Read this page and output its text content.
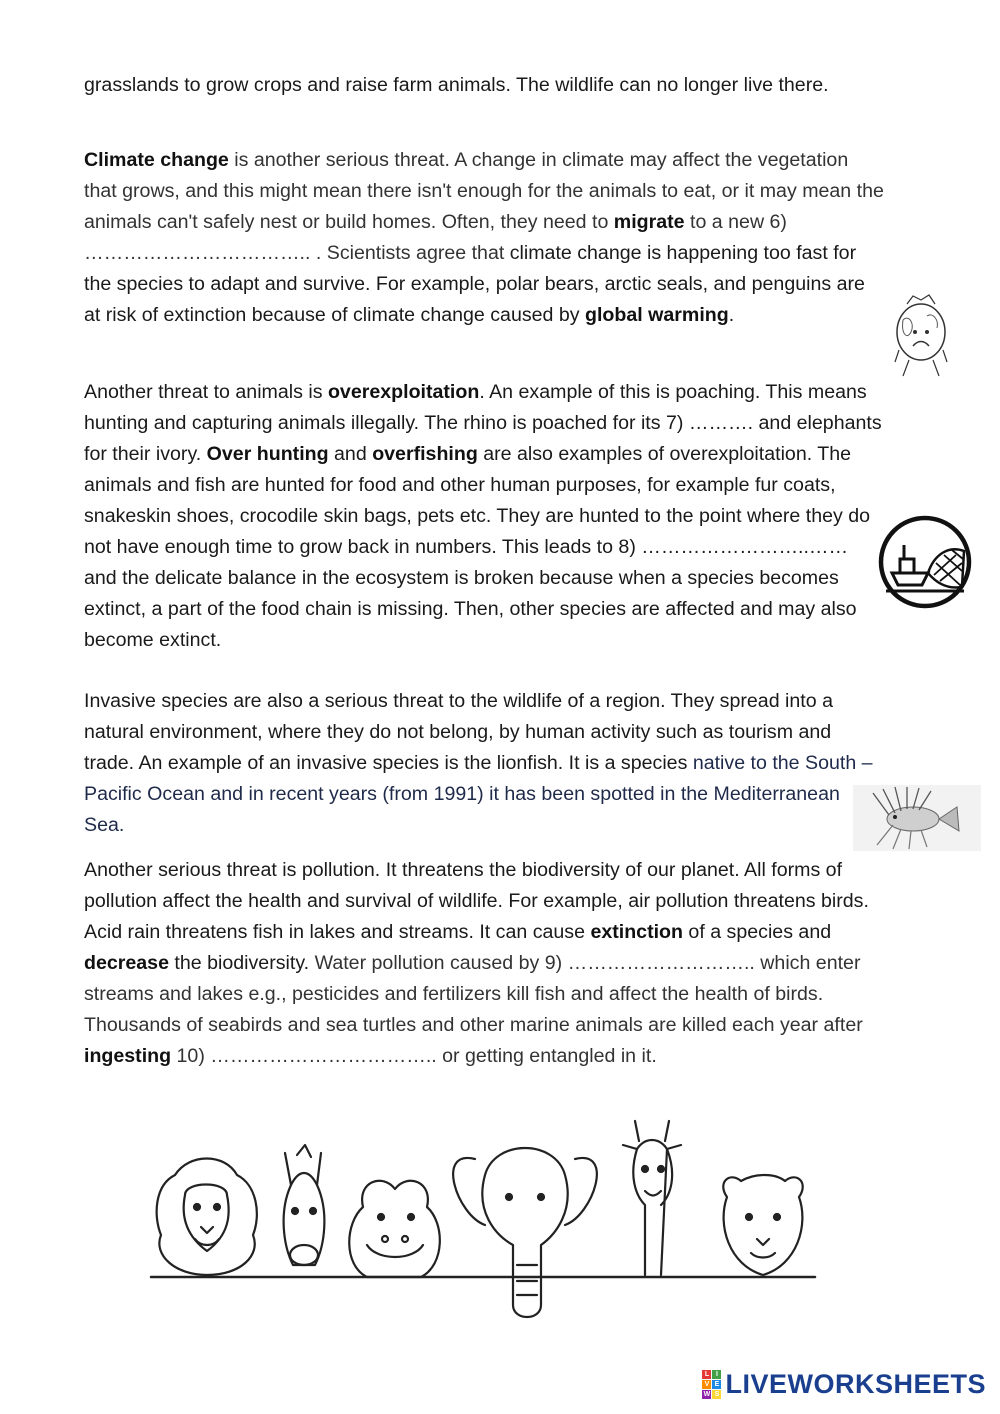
grasslands to grow crops and raise farm animals. The wildlife can no longer live there.

Climate change is another serious threat. A change in climate may affect the vegetation that grows, and this might mean there isn't enough for the animals to eat, or it may mean the animals can't safely nest or build homes. Often, they need to migrate to a new 6) …………………………….. . Scientists agree that climate change is happening too fast for the species to adapt and survive. For example, polar bears, arctic seals, and penguins are at risk of extinction because of climate change caused by global warming.

Another threat to animals is overexploitation. An example of this is poaching. This means hunting and capturing animals illegally. The rhino is poached for its 7) ………. and elephants for their ivory. Over hunting and overfishing are also examples of overexploitation. The animals and fish are hunted for food and other human purposes, for example fur coats, snakeskin shoes, crocodile skin bags, pets etc. They are hunted to the point where they do not have enough time to grow back in numbers. This leads to 8) ……………………..…… and the delicate balance in the ecosystem is broken because when a species becomes extinct, a part of the food chain is missing. Then, other species are affected and may also become extinct.

Invasive species are also a serious threat to the wildlife of a region. They spread into a natural environment, where they do not belong, by human activity such as tourism and trade. An example of an invasive species is the lionfish. It is a species native to the South – Pacific Ocean and in recent years (from 1991) it has been spotted in the Mediterranean Sea.

Another serious threat is pollution. It threatens the biodiversity of our planet. All forms of pollution affect the health and survival of wildlife. For example, air pollution threatens birds. Acid rain threatens fish in lakes and streams. It can cause extinction of a species and decrease the biodiversity. Water pollution caused by 9) ……………………….. which enter streams and lakes e.g., pesticides and fertilizers kill fish and affect the health of birds. Thousands of seabirds and sea turtles and other marine animals are killed each year after ingesting 10) …………………………….. or getting entangled in it.

L I
V E
W S LIVEWORKSHEETS
